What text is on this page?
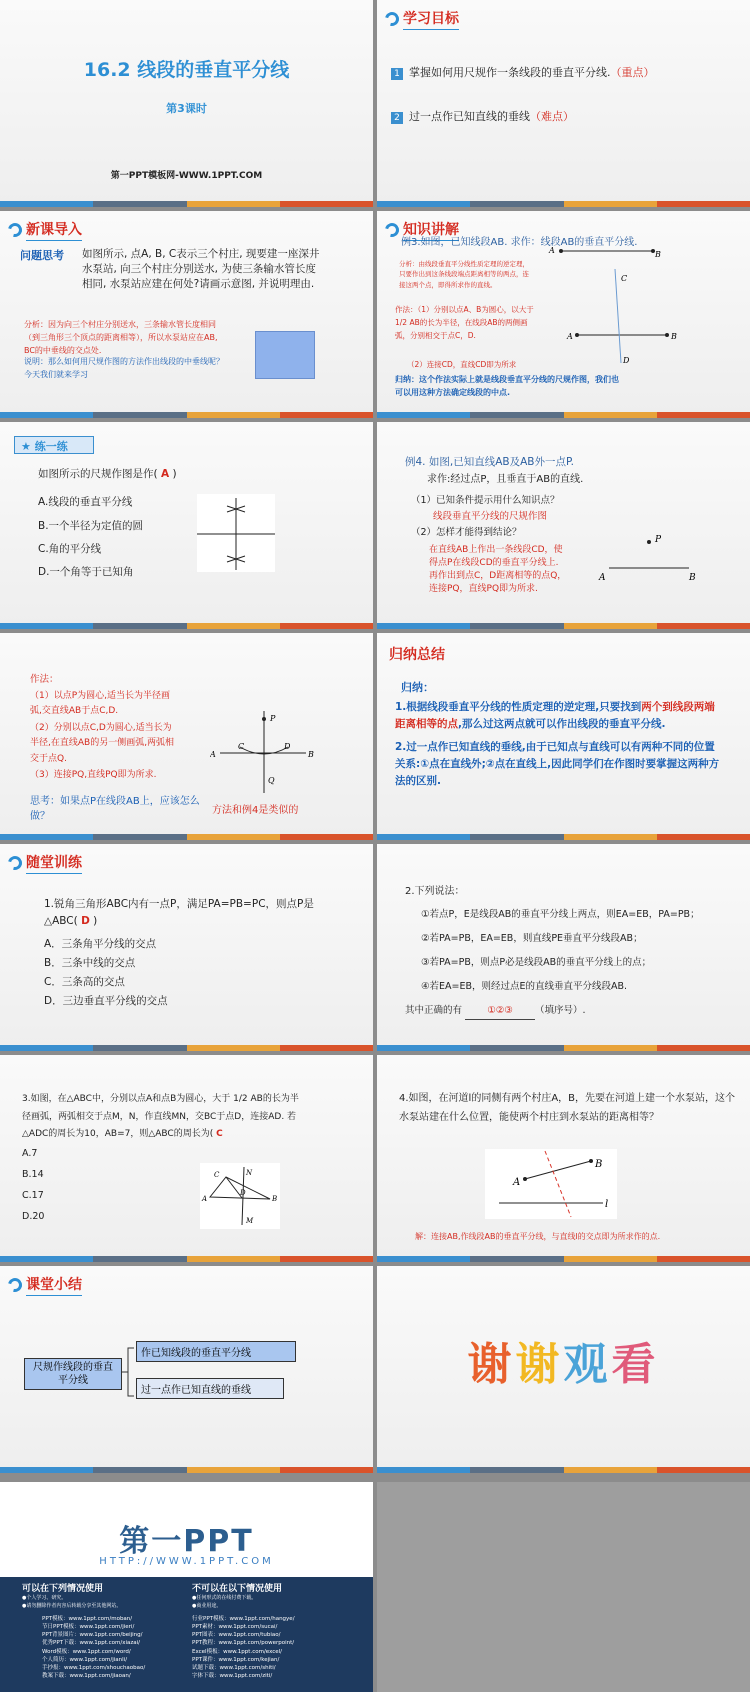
16.2 线段的垂直平分线
第3课时
第一PPT模板网-WWW.1PPT.COM
学习目标
1 掌握如何用尺规作一条线段的垂直平分线.（重点）
2 过一点作已知直线的垂线（难点）
新课导入
问题思考 如图所示, 点A, B, C表示三个村庄, 现要建一座深井水泵站, 向三个村庄分别送水, 为使三条输水管长度相同, 水泵站应建在何处?请画示意图, 并说明理由.
分析：因为向三个村庄分别送水，三条输水管长度相同（到三角形三个顶点的距离相等），所以水泵站应在AB, BC的中垂线的交点处.
说明：那么如何用尺规作图的方法作出线段的中垂线呢？今天我们就来学习
知识讲解
例3.如图，已知线段AB. 求作：线段AB的垂直平分线.
分析：由线段垂直平分线性质定理的逆定理，只要作出到这条线段端点距离相等的两点，连接这两个点，即得所求作的直线。
作法：（1）分别以点A、B为圆心，以大于 1/2 AB的长为半径，在线段AB的两侧画弧，分别相交于点C，D.
（2）连接CD，直线CD即为所求
归纳：这个作法实际上就是线段垂直平分线的尺规作图，我们也可以用这种方法确定线段的中点.
A	B
A	B
C
D
★ 练一练
如图所示的尺规作图是作( A )
A.线段的垂直平分线
B.一个半径为定值的圆
C.角的平分线
D.一个角等于已知角
例4. 如图,已知直线AB及AB外一点P.
求作:经过点P，且垂直于AB的直线.
（1）已知条件提示用什么知识点？
线段垂直平分线的尺规作图
（2）怎样才能得到结论？
在直线AB上作出一条线段CD，使得点P在线段CD的垂直平分线上. 再作出到点C，D距离相等的点Q，连接PQ，直线PQ即为所求.
P
A	B
作法：
（1）以点P为圆心,适当长为半径画弧,交直线AB于点C,D.
（2）分别以点C,D为圆心,适当长为半径,在直线AB的另一侧画弧,两弧相交于点Q.
（3）连接PQ,直线PQ即为所求.
思考：如果点P在线段AB上，应该怎么做？	方法和例4是类似的
P
C	D
Q
A	B
归纳总结
归纳：
1.根据线段垂直平分线的性质定理的逆定理,只要找到两个到线段两端距离相等的点,那么过这两点就可以作出线段的垂直平分线.
2.过一点作已知直线的垂线,由于已知点与直线可以有两种不同的位置关系:①点在直线外;②点在直线上,因此同学们在作图时要掌握这两种方法的区别.
随堂训练
1.锐角三角形ABC内有一点P，满足PA=PB=PC，则点P是△ABC( D )
A．三条角平分线的交点
B．三条中线的交点
C．三条高的交点
D．三边垂直平分线的交点
2.下列说法：
①若点P，E是线段AB的垂直平分线上两点，则EA=EB，PA=PB；
②若PA=PB，EA=EB，则直线PE垂直平分线段AB；
③若PA=PB，则点P必是线段AB的垂直平分线上的点；
④若EA=EB，则经过点E的直线垂直平分线段AB.
其中正确的有	①②③ （填序号）.
3.如图，在△ABC中，分别以点A和点B为圆心，大于 1/2 AB的长为半径画弧，两弧相交于点M，N，作直线MN，交BC于点D，连接AD. 若△ADC的周长为10，AB=7，则△ABC的周长为( C
A.7
B.14
C.17
D.20
C	N
A	B
D
M
4.如图，在河道l的同侧有两个村庄A，B，先要在河道上建一个水泵站，这个水泵站建在什么位置，能使两个村庄到水泵站的距离相等？
A
B
l
解：连接AB,作线段AB的垂直平分线，与直线l的交点即为所求作的点.
课堂小结
尺规作线段的垂直平分线
作已知线段的垂直平分线
过一点作已知直线的垂线
谢谢观看
第一PPT
HTTP://WWW.1PPT.COM
可以在下列情况使用
●个人学习、研究。
●请勿删除作者内容后转载分享至其他网站。
不可以在以下情况使用
●任何形式的在线付费下载。
●商业用途。
PPT模板：www.1ppt.com/moban/
节日PPT模板：www.1ppt.com/jieri/
PPT背景图片：www.1ppt.com/beijing/
优秀PPT下载：www.1ppt.com/xiazai/
Word模板：www.1ppt.com/word/
个人简历：www.1ppt.com/jianli/
手抄报：www.1ppt.com/shouchaobao/
教案下载：www.1ppt.com/jiaoan/
行业PPT模板：www.1ppt.com/hangye/
PPT素材：www.1ppt.com/sucai/
PPT图表：www.1ppt.com/tubiao/
PPT教程：www.1ppt.com/powerpoint/
Excel模板：www.1ppt.com/excel/
PPT课件：www.1ppt.com/kejian/
试题下载：www.1ppt.com/shiti/
字体下载：www.1ppt.com/ziti/
